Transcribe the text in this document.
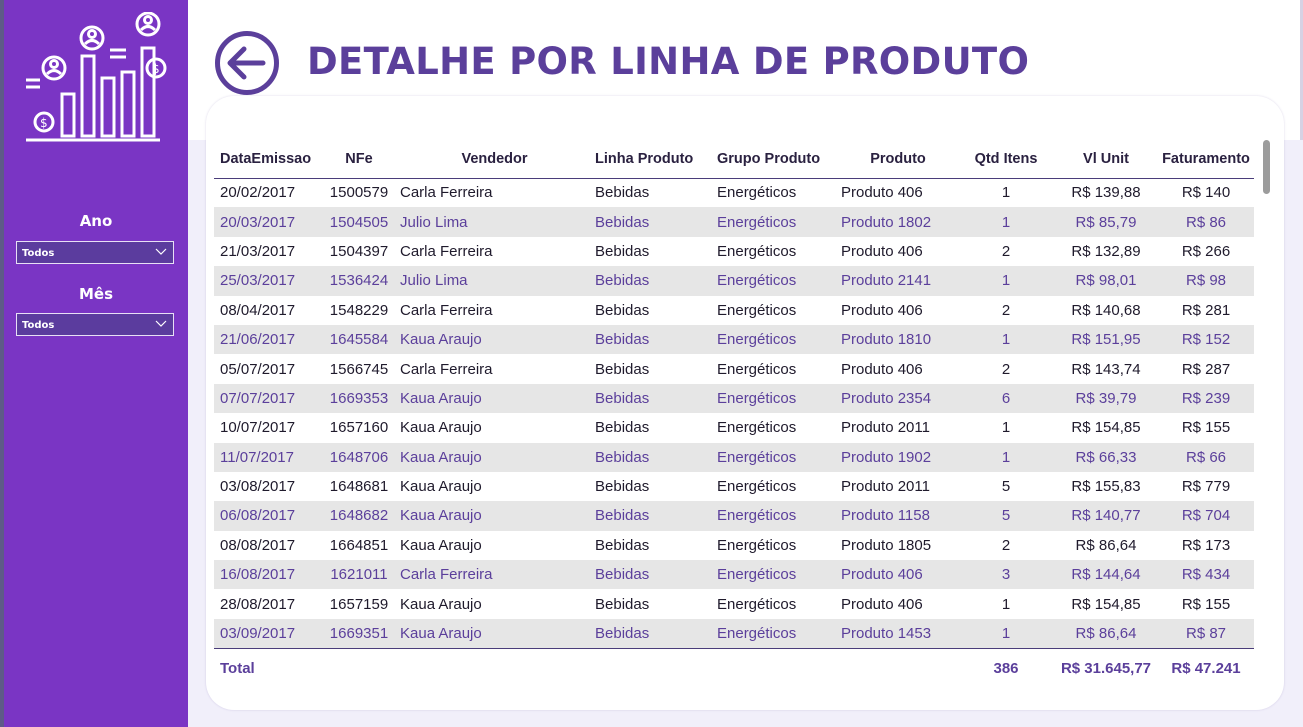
$
$
Ano
Todos
Mês
Todos
DETALHE POR LINHA DE PRODUTO
DataEmissao	NFe	Vendedor	Linha Produto	Grupo Produto	Produto	Qtd Itens	Vl Unit	Faturamento
20/02/2017	1500579	Carla Ferreira	Bebidas	Energéticos	Produto 406	1	R$ 139,88	R$ 140
20/03/2017	1504505	Julio Lima	Bebidas	Energéticos	Produto 1802	1	R$ 85,79	R$ 86
21/03/2017	1504397	Carla Ferreira	Bebidas	Energéticos	Produto 406	2	R$ 132,89	R$ 266
25/03/2017	1536424	Julio Lima	Bebidas	Energéticos	Produto 2141	1	R$ 98,01	R$ 98
08/04/2017	1548229	Carla Ferreira	Bebidas	Energéticos	Produto 406	2	R$ 140,68	R$ 281
21/06/2017	1645584	Kaua Araujo	Bebidas	Energéticos	Produto 1810	1	R$ 151,95	R$ 152
05/07/2017	1566745	Carla Ferreira	Bebidas	Energéticos	Produto 406	2	R$ 143,74	R$ 287
07/07/2017	1669353	Kaua Araujo	Bebidas	Energéticos	Produto 2354	6	R$ 39,79	R$ 239
10/07/2017	1657160	Kaua Araujo	Bebidas	Energéticos	Produto 2011	1	R$ 154,85	R$ 155
11/07/2017	1648706	Kaua Araujo	Bebidas	Energéticos	Produto 1902	1	R$ 66,33	R$ 66
03/08/2017	1648681	Kaua Araujo	Bebidas	Energéticos	Produto 2011	5	R$ 155,83	R$ 779
06/08/2017	1648682	Kaua Araujo	Bebidas	Energéticos	Produto 1158	5	R$ 140,77	R$ 704
08/08/2017	1664851	Kaua Araujo	Bebidas	Energéticos	Produto 1805	2	R$ 86,64	R$ 173
16/08/2017	1621011	Carla Ferreira	Bebidas	Energéticos	Produto 406	3	R$ 144,64	R$ 434
28/08/2017	1657159	Kaua Araujo	Bebidas	Energéticos	Produto 406	1	R$ 154,85	R$ 155
03/09/2017	1669351	Kaua Araujo	Bebidas	Energéticos	Produto 1453	1	R$ 86,64	R$ 87
Total						386	R$ 31.645,77	R$ 47.241
